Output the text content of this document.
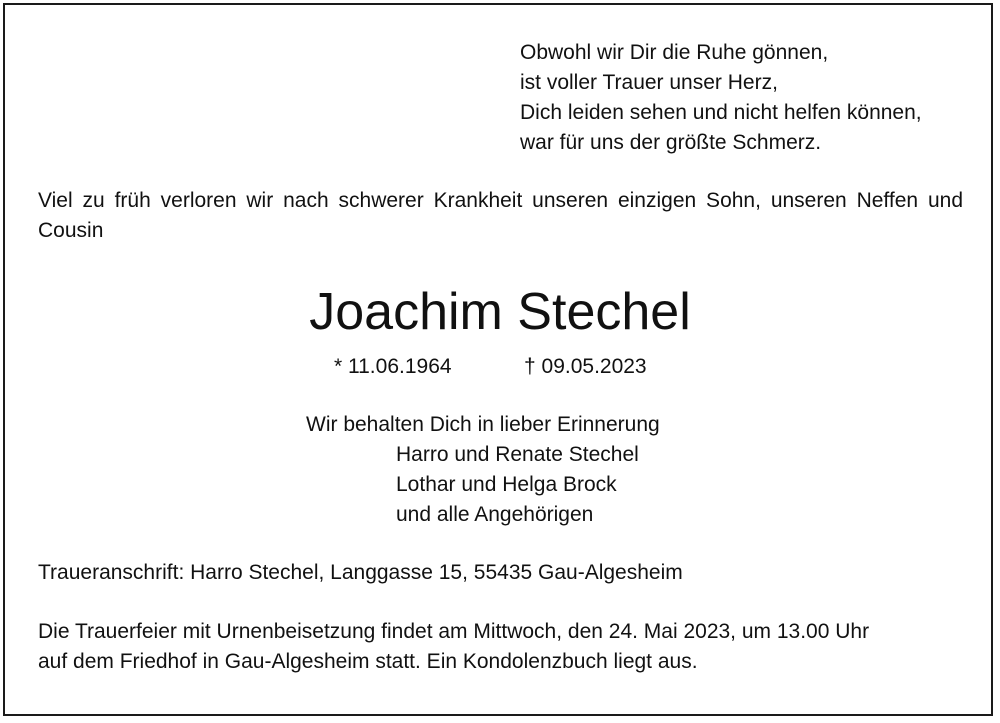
Obwohl wir Dir die Ruhe gönnen,
ist voller Trauer unser Herz,
Dich leiden sehen und nicht helfen können,
war für uns der größte Schmerz.

Viel zu früh verloren wir nach schwerer Krankheit unseren einzigen Sohn, unseren Neffen und Cousin

Joachim Stechel
* 11.06.1964	† 09.05.2023
Wir behalten Dich in lieber Erinnerung
Harro und Renate Stechel
Lothar und Helga Brock
und alle Angehörigen
Traueranschrift: Harro Stechel, Langgasse 15, 55435 Gau-Algesheim
Die Trauerfeier mit Urnenbeisetzung findet am Mittwoch, den 24. Mai 2023, um 13.00 Uhr
auf dem Friedhof in Gau-Algesheim statt. Ein Kondolenzbuch liegt aus.
